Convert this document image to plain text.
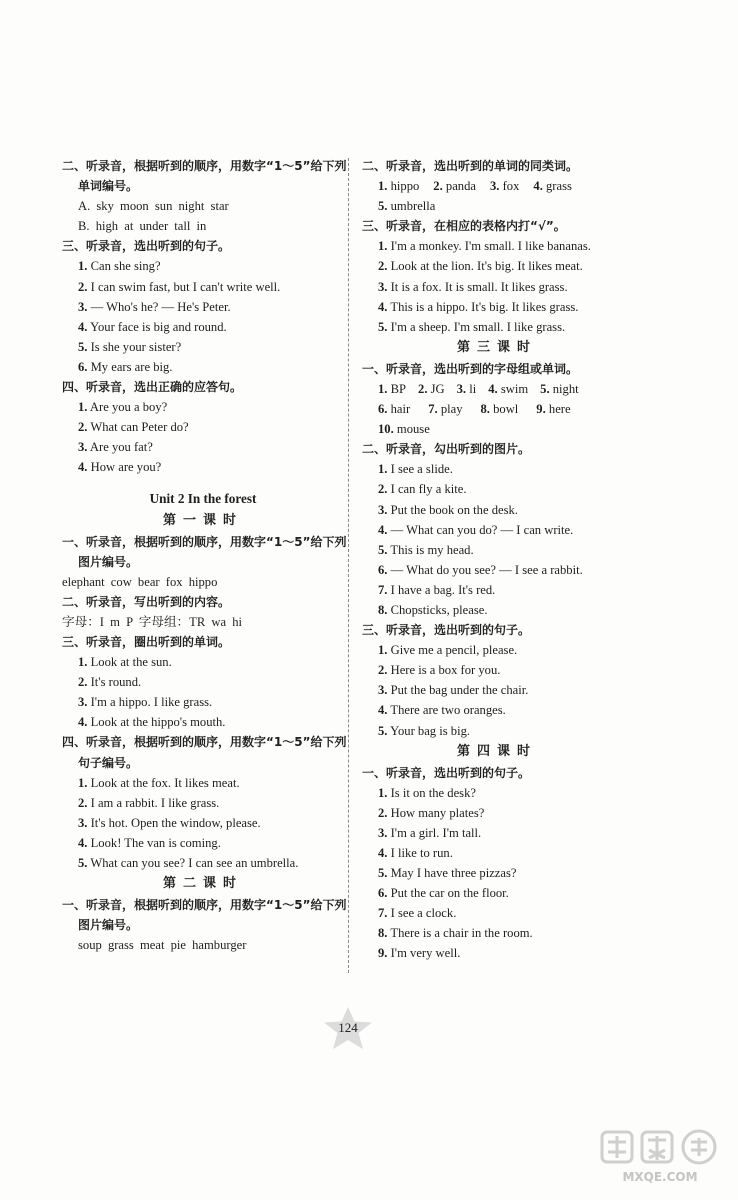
二、听录音，根据听到的顺序，用数字“1～5”给下列
单词编号。
A. sky moon sun night star
B. high at under tall in
三、听录音，选出听到的句子。
1. Can she sing?
2. I can swim fast, but I can't write well.
3. — Who's he? — He's Peter.
4. Your face is big and round.
5. Is she your sister?
6. My ears are big.
四、听录音，选出正确的应答句。
1. Are you a boy?
2. What can Peter do?
3. Are you fat?
4. How are you?
Unit 2 In the forest
第一课时
一、听录音，根据听到的顺序，用数字“1～5”给下列
图片编号。
elephant cow bear fox hippo
二、听录音，写出听到的内容。
字母：I m P 字母组：TR wa hi
三、听录音，圈出听到的单词。
1. Look at the sun.
2. It's round.
3. I'm a hippo. I like grass.
4. Look at the hippo's mouth.
四、听录音，根据听到的顺序，用数字“1～5”给下列
句子编号。
1. Look at the fox. It likes meat.
2. I am a rabbit. I like grass.
3. It's hot. Open the window, please.
4. Look! The van is coming.
5. What can you see? I can see an umbrella.
第二课时
一、听录音，根据听到的顺序，用数字“1～5”给下列
图片编号。
soup grass meat pie hamburger
二、听录音，选出听到的单词的同类词。
1. hippo 2. panda 3. fox 4. grass
5. umbrella
三、听录音，在相应的表格内打“√”。
1. I'm a monkey. I'm small. I like bananas.
2. Look at the lion. It's big. It likes meat.
3. It is a fox. It is small. It likes grass.
4. This is a hippo. It's big. It likes grass.
5. I'm a sheep. I'm small. I like grass.
第三课时
一、听录音，选出听到的字母组或单词。
1. BP 2. JG 3. li 4. swim 5. night
6. hair 7. play 8. bowl 9. here
10. mouse
二、听录音，勾出听到的图片。
1. I see a slide.
2. I can fly a kite.
3. Put the book on the desk.
4. — What can you do? — I can write.
5. This is my head.
6. — What do you see? — I see a rabbit.
7. I have a bag. It's red.
8. Chopsticks, please.
三、听录音，选出听到的句子。
1. Give me a pencil, please.
2. Here is a box for you.
3. Put the bag under the chair.
4. There are two oranges.
5. Your bag is big.
第四课时
一、听录音，选出听到的句子。
1. Is it on the desk?
2. How many plates?
3. I'm a girl. I'm tall.
4. I like to run.
5. May I have three pizzas?
6. Put the car on the floor.
7. I see a clock.
8. There is a chair in the room.
9. I'm very well.
124
MXQE.COM
